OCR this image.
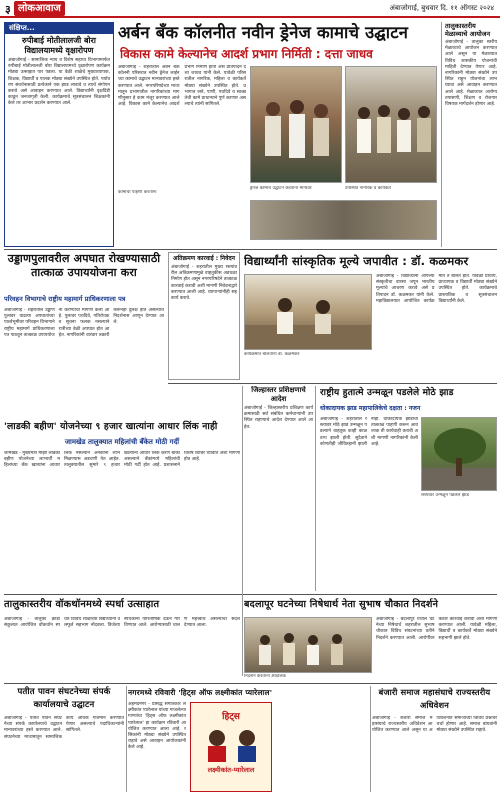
३ लोकआवाज	अंबाजोगाई, बुधवार दि. ११ ऑगस्ट २०२४
संक्षिप्त...
रुपीबाई मोतीलालजी बोरा विद्यालयामध्ये वृक्षारोपण
अंबाजोगाई - सामाजिक न्याय व विशेष सहाय्य विभागामार्फत रुपीबाई मोतीलालजी बोरा विद्यालयामध्ये वृक्षारोपण कार्यक्रम मोठ्या उत्साहात पार पडला. या वेळी शाळेचे मुख्याध्यापक, शिक्षक, विद्यार्थी व पालक मोठ्या संख्येने उपस्थित होते. पर्यावरण संवर्धनासाठी प्रत्येकाने एक झाड लावावे व त्याचे संगोपन करावे असे आवाहन करण्यात आले. विद्यार्थ्यांनी वृक्षदिंडी काढून जनजागृती केली. कार्यक्रमाचे सूत्रसंचालन शिक्षकांनी केले तर आभार प्रदर्शन करण्यात आले.
अर्बन बँक कॉलनीत नवीन ड्रेनेज कामाचे उद्घाटन
विकास कामे केल्यानेच आदर्श प्रभाग निर्मिती : दत्ता जाधव
अंबाजोगाई - शहरातील अर्बन बँक कॉलनी परिसरात नवीन ड्रेनेज लाईनच्या कामाचे उद्घाटन मान्यवरांच्या हस्ते करण्यात आले. नगरपरिषदेच्या माध्यमातून प्रभागातील नागरिकांच्या मागणीनुसार हे काम मंजूर करण्यात आले आहे. विकास कामे केल्यानेच आदर्श प्रभाग निर्माण होतो असे प्रतिपादन दत्ता जाधव यांनी केले. यावेळी परिसरातील नागरिक, महिला व कार्यकर्ते मोठ्या संख्येने उपस्थित होते. प्रभागात रस्ते, पाणी, पथदिवे व स्वच्छतेची कामे प्राधान्याने पूर्ण करणार असल्याचे त्यांनी सांगितले.
ड्रेनेज कामाचे उद्घाटन करताना मान्यवर	उपस्थित नागरिक व कार्यकर्ते
कामाची पाहणी करताना
तालुकास्तरीय मेळाव्याचे आयोजन
अंबाजोगाई - तालुका स्तरीय मेळाव्याचे आयोजन करण्यात आले असून या मेळाव्यात विविध शासकीय योजनांची माहिती देण्यात येणार आहे. नागरिकांनी मोठ्या संख्येने उपस्थित राहून योजनांचा लाभ घ्यावा असे आवाहन करण्यात आले आहे. मेळाव्यात आरोग्य तपासणी, शिक्षण व रोजगार विषयक मार्गदर्शन होणार आहे.
उड्डाणपुलावरील अपघात रोखण्यासाठी तात्काळ उपाययोजना करा
परिवहन विभागाचे राष्ट्रीय महामार्ग प्राधिकरणाला पत्र
अंबाजोगाई - शहरातील उड्डाणपुलावर वाढत्या अपघातांच्या पार्श्वभूमीवर परिवहन विभागाने राष्ट्रीय महामार्ग प्राधिकरणाला पत्र पाठवून तात्काळ उपाययोजना करण्याची मागणी केली आहे. पुलावर पथदिवे, गतिरोधक व सूचना फलक नसल्याने रात्रीच्या वेळी अपघात होत आहेत. नागरिकांनी वारंवार तक्रारी करूनही दुर्लक्ष होत असल्याचे निदर्शनास आणून देण्यात आले.
अतिक्रमण कारवाई : निवेदन
अंबाजोगाई - शहरातील मुख्य रस्त्यांवरील अतिक्रमणामुळे वाहतुकीस अडथळा निर्माण होत असून नगरपरिषदेने तात्काळ कारवाई करावी अशी मागणी निवेदनाद्वारे करण्यात आली आहे. व्यापाऱ्यांनीही सहकार्य करावे.
विद्यार्थ्यांनी सांस्कृतिक मूल्ये जपावीत : डॉ. कळमकर
कार्यक्रमात बोलताना डॉ. कळमकर
अंबाजोगाई - विद्यार्थ्यांनी आपल्या संस्कृतीचा वारसा जपून भारतीय मूल्यांचे आचरण करावे असे प्रतिपादन डॉ. कळमकर यांनी केले. महाविद्यालयात आयोजित कार्यक्रमात ते बोलत होते. यावेळी प्राचार्य, प्राध्यापक व विद्यार्थी मोठ्या संख्येने उपस्थित होते. कार्यक्रमाचे प्रास्ताविक व सूत्रसंचालन विद्यार्थ्यांनी केले.
'लाडकी बहीण' योजनेच्या ९ हजार खात्यांना आधार लिंक नाही
जामखेड तालुक्यात महिलांची बँकेत मोठी गर्दी
जामखेड - मुख्यमंत्री माझी लाडकी बहीण योजनेच्या लाभार्थी महिलांच्या बँक खात्यांना आधार लिंक नसल्याने अनेकांना लाभ मिळण्यास अडचणी येत आहेत. तालुक्यातील सुमारे ९ हजार खात्यांना आधार लिंक करणे बाकी असल्याने बँकांमध्ये महिलांची मोठी गर्दी होत आहे. प्रशासनाने विशेष शिबिरे घ्यावीत अशी मागणी होत आहे.
जिल्हास्तर प्रशिक्षणाचे आदेश
अंबाजोगाई - जिल्हास्तरीय प्रशिक्षण कार्यक्रमासाठी सर्व संबंधित कर्मचाऱ्यांनी उपस्थित राहण्याचे आदेश देण्यात आले आहेत.
राष्ट्रीय हुतात्मे उन्मळून पडलेले मोठे झाड
धोकादायक झाड महापालिकेचे दक्षता : नजन
अंबाजोगाई - शहरातील रस्त्यावर मोठे झाड उन्मळून पडल्याने वाहतूक काही काळ ठप्प झाली होती. सुदैवाने कोणतीही जीवितहानी झाली नाही. धोकादायक झाडांची तात्काळ पाहणी करून आवश्यक ती कार्यवाही करावी अशी मागणी नागरिकांनी केली आहे.
रस्त्यावर उन्मळून पडलेले झाड
तालुकास्तरीय वॉकथॉनमध्ये स्पर्धा उत्साहात
अंबाजोगाई - तालुका क्रीडा संकुलात आयोजित वॉकथॉन स्पर्धेत विविध शाळांच्या विद्यार्थ्यांनी उत्स्फूर्त सहभाग नोंदवला. विजेत्या स्पर्धकांना पारितोषिके देऊन गौरविण्यात आले. आरोग्यासाठी चालणे महत्त्वाचे असल्याचा संदेश देण्यात आला.
बदलापूर घटनेच्या निषेधार्थ नेता सुभाष चौकात निदर्शने
निदर्शने करताना आंदोलक
अंबाजोगाई - बदलापूर येथील घटनेच्या निषेधार्थ शहरातील सुभाष चौकात विविध संघटनांच्या वतीने निदर्शने करण्यात आली. आरोपींवर कठोर कारवाई करावी अशी मागणी करण्यात आली. यावेळी महिला, विद्यार्थी व कार्यकर्ते मोठ्या संख्येने सहभागी झाले होते.
पतीत पावन संघटनेच्या संपर्क कार्यालयाचे उद्घाटन
अंबाजोगाई - पतीत पावन संघटनेच्या संपर्क कार्यालयाचे उद्घाटन मान्यवरांच्या हस्ते करण्यात आले. संघटनेच्या माध्यमातून सामाजिक कार्य अधिक गतिमान करण्यात येणार असल्याचे पदाधिकाऱ्यांनी सांगितले.
नगरमध्ये रविवारी 'हिट्स ऑफ लक्ष्मीकांत प्यारेलाल'
अहमदनगर - प्रसिद्ध संगीतकार लक्ष्मीकांत प्यारेलाल यांच्या गाजलेल्या गाण्यांचा 'हिट्स ऑफ लक्ष्मीकांत प्यारेलाल' हा कार्यक्रम रविवारी आयोजित करण्यात आला आहे. रसिकांनी मोठ्या संख्येने उपस्थित राहावे असे आवाहन आयोजकांनी केले आहे.
हिट्स
लक्ष्मीकांत-प्यारेलाल
बंजारी समाज महासंघाचे राज्यस्तरीय अधिवेशन
अंबाजोगाई - बंजारी समाज महासंघाचे राज्यस्तरीय अधिवेशन आयोजित करण्यात आले असून या अधिवेशनात समाजाच्या विविध प्रश्नांवर चर्चा होणार आहे. समाज बांधवांनी मोठ्या संख्येने उपस्थित राहावे.
